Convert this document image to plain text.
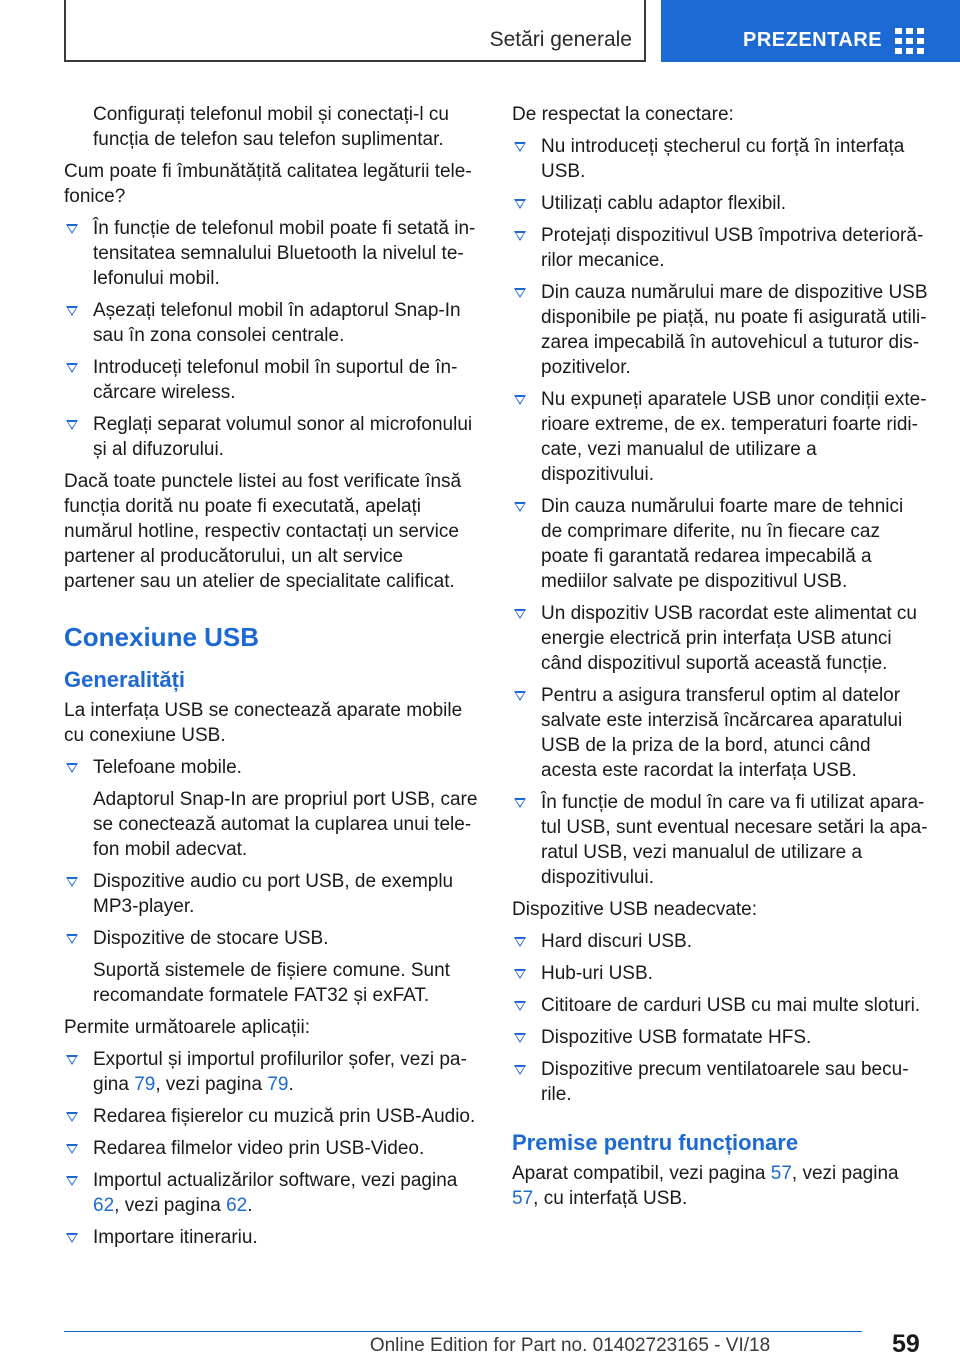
Setări generale	PREZENTARE

Configurați telefonul mobil și conectați-l cu funcția de telefon sau telefon suplimentar.

Cum poate fi îmbunătățită calitatea legăturii telefonice?

În funcție de telefonul mobil poate fi setată intensitatea semnalului Bluetooth la nivelul telefonului mobil.
Așezați telefonul mobil în adaptorul Snap-In sau în zona consolei centrale.
Introduceți telefonul mobil în suportul de încărcare wireless.
Reglați separat volumul sonor al microfonului și al difuzorului.

Dacă toate punctele listei au fost verificate însă funcția dorită nu poate fi executată, apelați numărul hotline, respectiv contactați un service partener al producătorului, un alt service partener sau un atelier de specialitate calificat.

Conexiune USB
Generalități

La interfața USB se conectează aparate mobile cu conexiune USB.

Telefoane mobile.

Adaptorul Snap-In are propriul port USB, care se conectează automat la cuplarea unui telefon mobil adecvat.

Dispozitive audio cu port USB, de exemplu MP3-player.
Dispozitive de stocare USB.

Suportă sistemele de fișiere comune. Sunt recomandate formatele FAT32 și exFAT.

Permite următoarele aplicații:

Exportul și importul profilurilor șofer, vezi pagina 79, vezi pagina 79.
Redarea fișierelor cu muzică prin USB-Audio.
Redarea filmelor video prin USB-Video.
Importul actualizărilor software, vezi pagina 62, vezi pagina 62.
Importare itinerariu.

De respectat la conectare:

Nu introduceți ștecherul cu forță în interfața USB.
Utilizați cablu adaptor flexibil.
Protejați dispozitivul USB împotriva deteriorărilor mecanice.
Din cauza numărului mare de dispozitive USB disponibile pe piață, nu poate fi asigurată utilizarea impecabilă în autovehicul a tuturor dispozitivelor.
Nu expuneți aparatele USB unor condiții exterioare extreme, de ex. temperaturi foarte ridicate, vezi manualul de utilizare a dispozitivului.
Din cauza numărului foarte mare de tehnici de comprimare diferite, nu în fiecare caz poate fi garantată redarea impecabilă a mediilor salvate pe dispozitivul USB.
Un dispozitiv USB racordat este alimentat cu energie electrică prin interfața USB atunci când dispozitivul suportă această funcție.
Pentru a asigura transferul optim al datelor salvate este interzisă încărcarea aparatului USB de la priza de la bord, atunci când acesta este racordat la interfața USB.
În funcție de modul în care va fi utilizat aparatul USB, sunt eventual necesare setări la aparatul USB, vezi manualul de utilizare a dispozitivului.

Dispozitive USB neadecvate:

Hard discuri USB.
Hub-uri USB.
Cititoare de carduri USB cu mai multe sloturi.
Dispozitive USB formatate HFS.
Dispozitive precum ventilatoarele sau becurile.
Premise pentru funcționare

Aparat compatibil, vezi pagina 57, vezi pagina 57, cu interfață USB.

59
Online Edition for Part no. 01402723165 - VI/18
